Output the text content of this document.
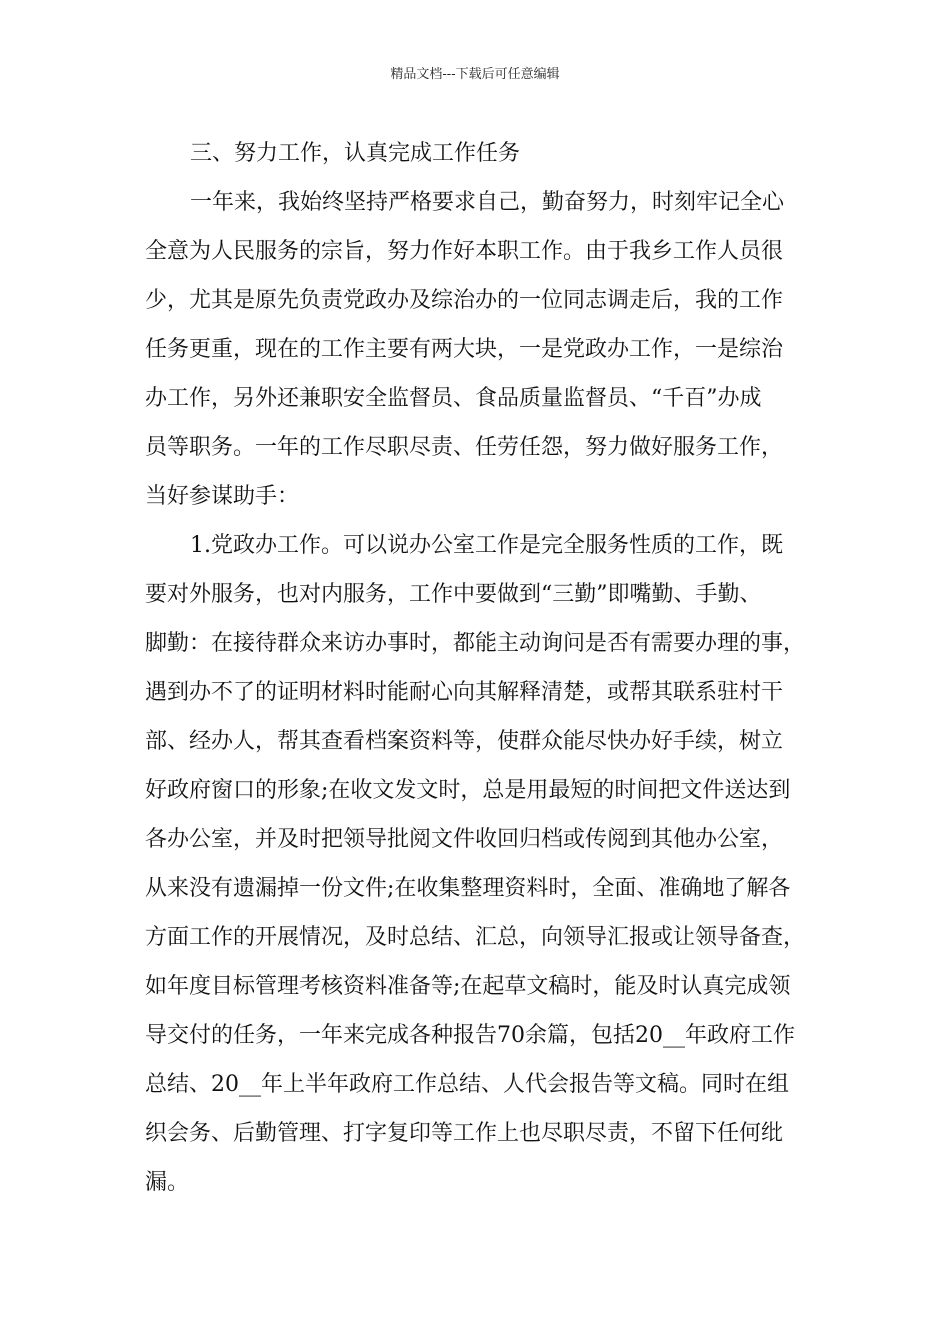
精品文档---下载后可任意编辑
三、努力工作，认真完成工作任务
一年来，我始终坚持严格要求自己，勤奋努力，时刻牢记全心
全意为人民服务的宗旨，努力作好本职工作。由于我乡工作人员很
少，尤其是原先负责党政办及综治办的一位同志调走后，我的工作
任务更重，现在的工作主要有两大块，一是党政办工作，一是综治
办工作，另外还兼职安全监督员、食品质量监督员、“千百”办成
员等职务。一年的工作尽职尽责、任劳任怨，努力做好服务工作，
当好参谋助手：
1.党政办工作。可以说办公室工作是完全服务性质的工作，既
要对外服务，也对内服务，工作中要做到“三勤”即嘴勤、手勤、
脚勤：在接待群众来访办事时，都能主动询问是否有需要办理的事，
遇到办不了的证明材料时能耐心向其解释清楚，或帮其联系驻村干
部、经办人，帮其查看档案资料等，使群众能尽快办好手续，树立
好政府窗口的形象;在收文发文时，总是用最短的时间把文件送达到
各办公室，并及时把领导批阅文件收回归档或传阅到其他办公室，
从来没有遗漏掉一份文件;在收集整理资料时，全面、准确地了解各
方面工作的开展情况，及时总结、汇总，向领导汇报或让领导备查，
如年度目标管理考核资料准备等;在起草文稿时，能及时认真完成领
导交付的任务，一年来完成各种报告70余篇，包括20__年政府工作
总结、20__年上半年政府工作总结、人代会报告等文稿。同时在组
织会务、后勤管理、打字复印等工作上也尽职尽责，不留下任何纰
漏。
